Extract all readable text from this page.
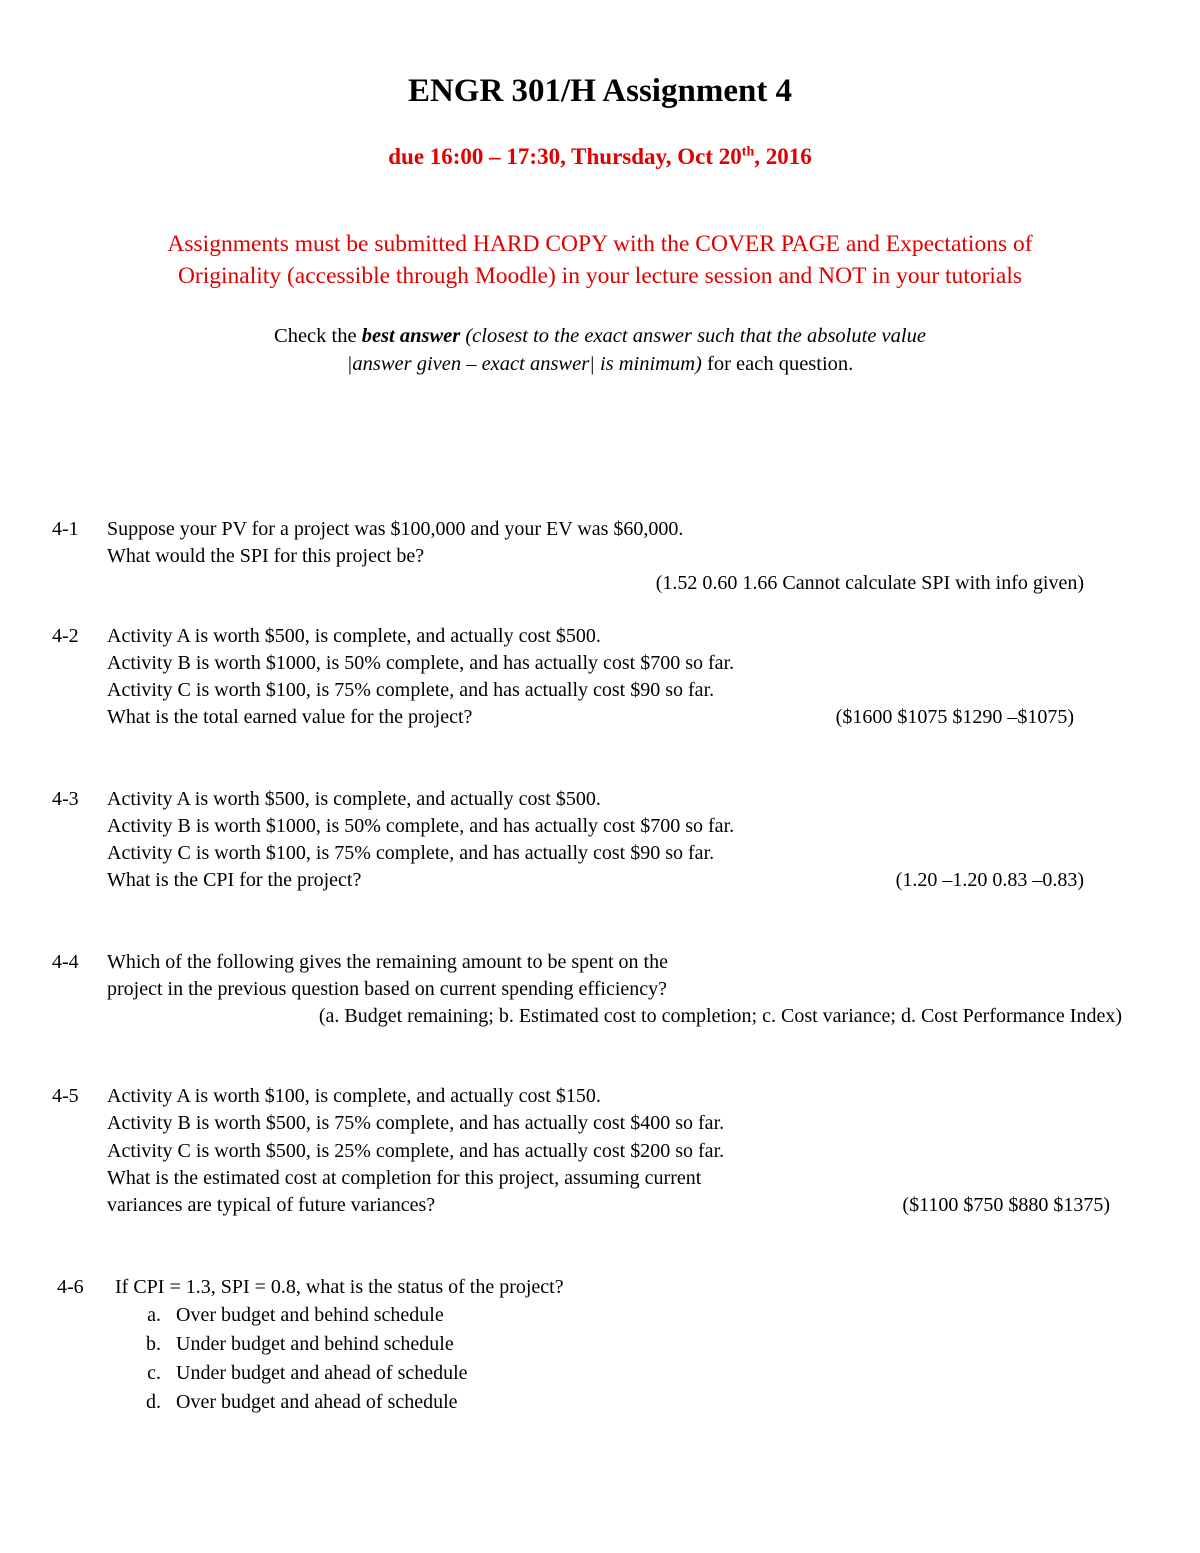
ENGR 301/H Assignment 4
due 16:00 – 17:30, Thursday, Oct 20th, 2016
Assignments must be submitted HARD COPY with the COVER PAGE and Expectations of
Originality (accessible through Moodle) in your lecture session and NOT in your tutorials
Check the best answer (closest to the exact answer such that the absolute value
|answer given – exact answer| is minimum) for each question.
4-1 Suppose your PV for a project was $100,000 and your EV was $60,000.
What would the SPI for this project be?
(1.52 0.60 1.66 Cannot calculate SPI with info given)
4-2 Activity A is worth $500, is complete, and actually cost $500.
Activity B is worth $1000, is 50% complete, and has actually cost $700 so far.
Activity C is worth $100, is 75% complete, and has actually cost $90 so far.
What is the total earned value for the project?	($1600 $1075 $1290 –$1075)
4-3 Activity A is worth $500, is complete, and actually cost $500.
Activity B is worth $1000, is 50% complete, and has actually cost $700 so far.
Activity C is worth $100, is 75% complete, and has actually cost $90 so far.
What is the CPI for the project?	(1.20 –1.20 0.83 –0.83)
4-4 Which of the following gives the remaining amount to be spent on the
project in the previous question based on current spending efficiency?
(a. Budget remaining; b. Estimated cost to completion; c. Cost variance; d. Cost Performance Index)
4-5 Activity A is worth $100, is complete, and actually cost $150.
Activity B is worth $500, is 75% complete, and has actually cost $400 so far.
Activity C is worth $500, is 25% complete, and has actually cost $200 so far.
What is the estimated cost at completion for this project, assuming current
variances are typical of future variances?	($1100 $750 $880 $1375)
4-6 If CPI = 1.3, SPI = 0.8, what is the status of the project?
a. Over budget and behind schedule
b. Under budget and behind schedule
c. Under budget and ahead of schedule
d. Over budget and ahead of schedule
